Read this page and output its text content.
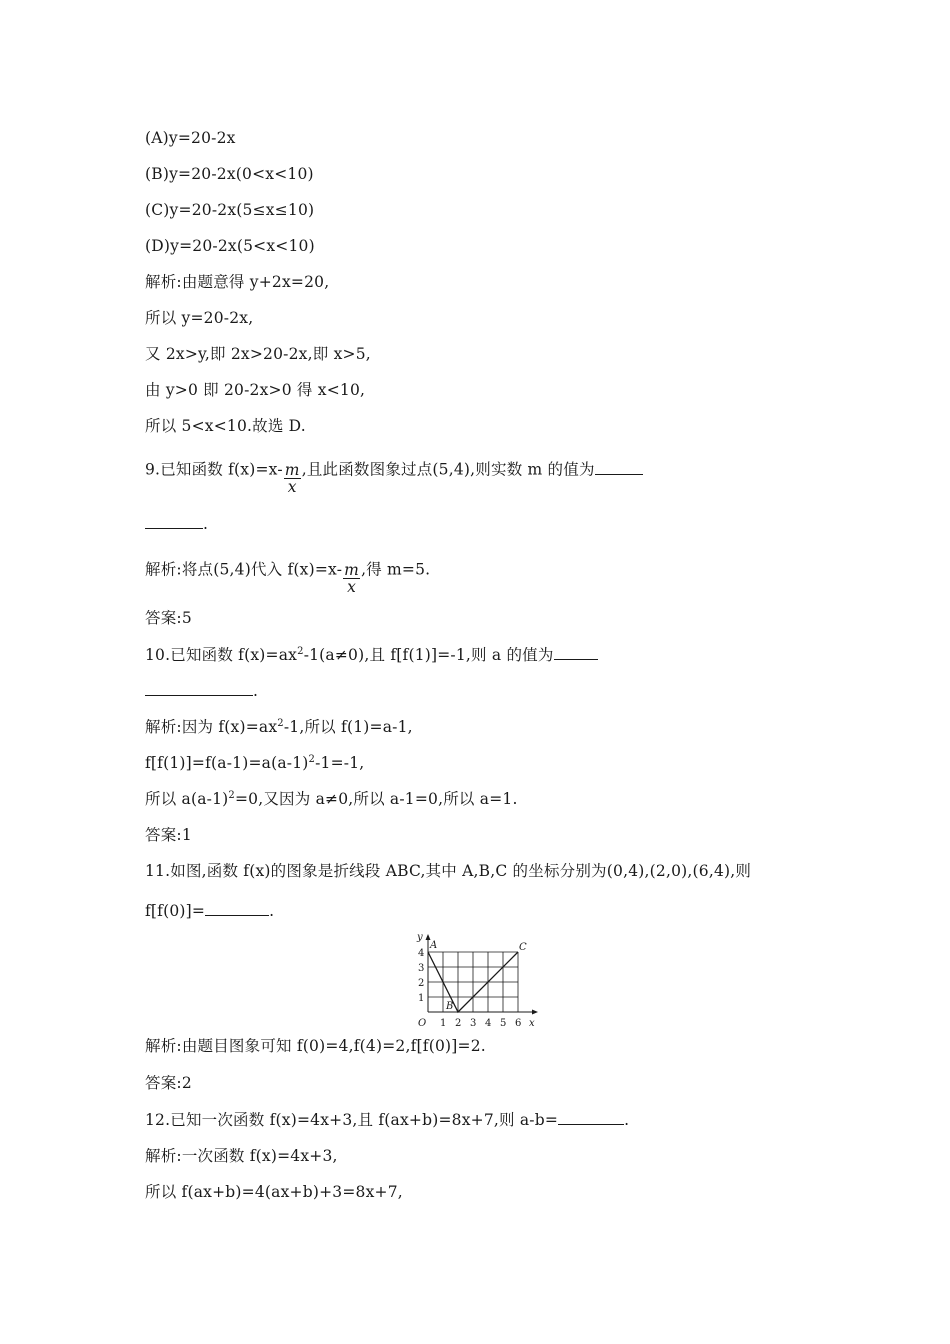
(A)y=20-2x
(B)y=20-2x(0<x<10)
(C)y=20-2x(5≤x≤10)
(D)y=20-2x(5<x<10)
解析:由题意得 y+2x=20,
所以 y=20-2x,
又 2x>y,即 2x>20-2x,即 x>5,
由 y>0 即 20-2x>0 得 x<10,
所以 5<x<10.故选 D.
9.已知函数 $f(x)=x- \frac{m}{x}$ ,且此函数图象过点(5,4),则实数 m 的值为
.
解析:将点(5,4)代入 $f(x)=x- \frac{m}{x}$ ,得 m=5.
答案:5
10.已知函数 $f(x)=ax^2-1(a\ne 0)$,且 f[f(1)]=-1,则 a 的值为
.
解析:因为 $f(x)=ax^2-1$,所以 f(1)=a-1,
$f[f(1)]=f(a-1)=a(a-1)^2-1=-1$,
所以 $a(a-1)^2=0$,又因为 a≠0,所以 a-1=0,所以 a=1.
答案:1
11.如图,函数 f(x)的图象是折线段 ABC,其中 A,B,C 的坐标分别为(0,4),(2,0),(6,4),则
f[f(0)]=	.
y
x
O 1 2 3 4 5 6
1
2
3
4
A
B
C
解析:由题目图象可知 f(0)=4,f(4)=2,f[f(0)]=2.
答案:2
12.已知一次函数 f(x)=4x+3,且 f(ax+b)=8x+7,则 a-b=	.
解析:一次函数 f(x)=4x+3,
所以 f(ax+b)=4(ax+b)+3=8x+7,
